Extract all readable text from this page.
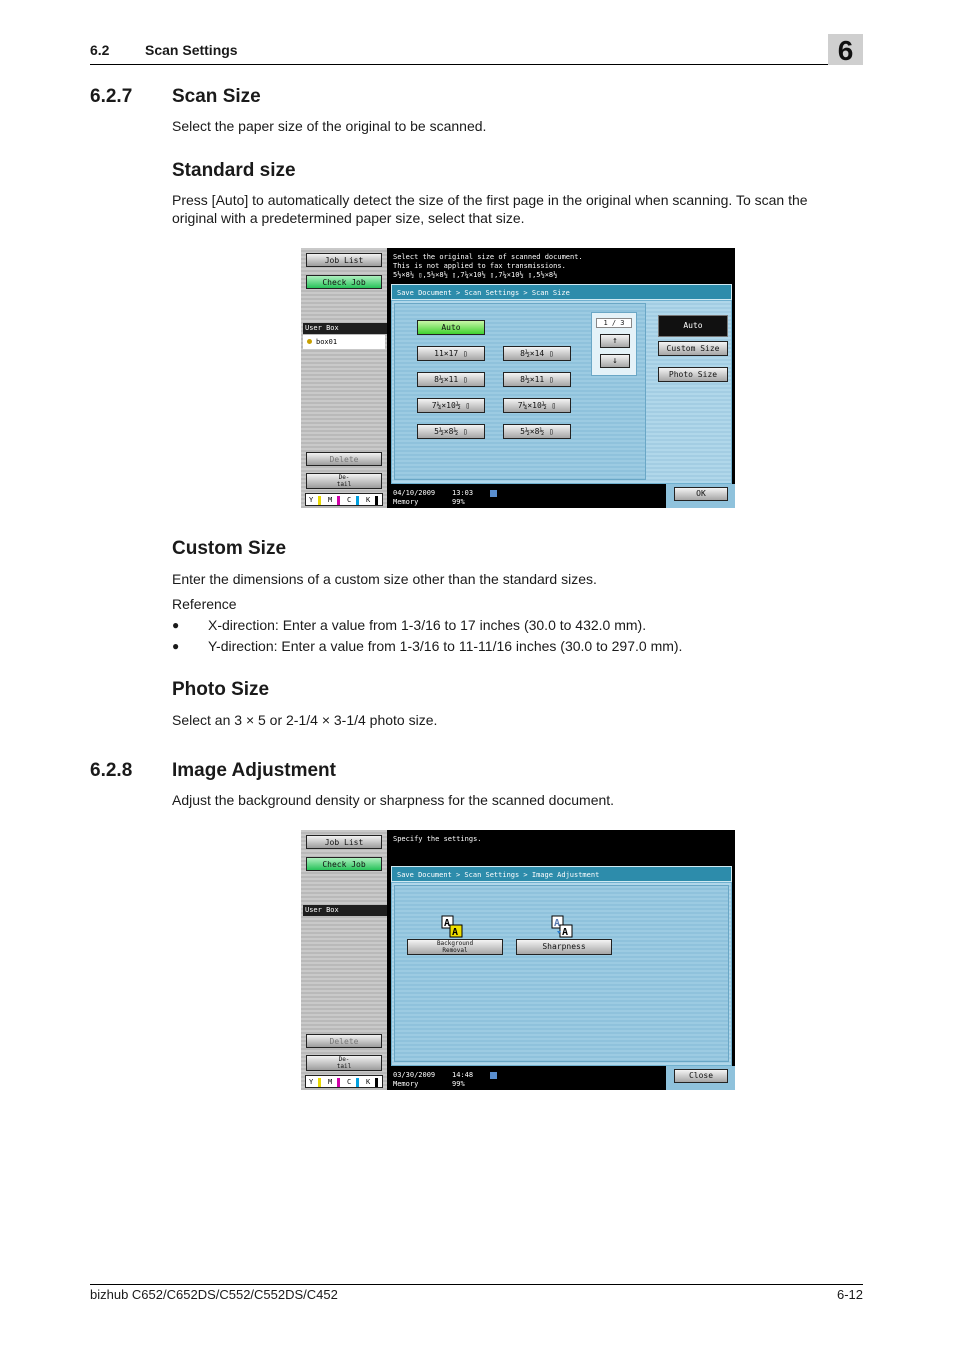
6.2	Scan Settings	6
6.2.7 Scan Size
Select the paper size of the original to be scanned.
Standard size
Press [Auto] to automatically detect the size of the first page in the original when scanning. To scan the
original with a predetermined paper size, select that size.
Job List
Check Job
User Box
box01
Delete
De-
tail
Y M C K
Select the original size of scanned document.
This is not applied to fax transmissions.
5½×8½ ▯,5½×8½ ▯,7¼×10½ ▯,7¼×10½ ▯,5½×8½
Save Document > Scan Settings > Scan Size
Auto
11×17 ▯	8½×14 ▯
8½×11 ▯	8½×11 ▯
7¼×10½ ▯	7¼×10½ ▯
5½×8½ ▯	5½×8½ ▯
1 / 3
↑
↓
Auto
Custom Size
Photo Size
04/10/2009 13:03
Memory	99%
OK
Custom Size
Enter the dimensions of a custom size other than the standard sizes.
Reference
● X-direction: Enter a value from 1-3/16 to 17 inches (30.0 to 432.0 mm).
● Y-direction: Enter a value from 1-3/16 to 11-11/16 inches (30.0 to 297.0 mm).
Photo Size
Select an 3 × 5 or 2-1/4 × 3-1/4 photo size.
6.2.8 Image Adjustment
Adjust the background density or sharpness for the scanned document.
Job List
Check Job
User Box
Delete
De-
tail
Y M C K
Specify the settings.
Save Document > Scan Settings > Image Adjustment
A
A
Background
Removal
A
A
Sharpness
03/30/2009 14:48
Memory	99%
Close
bizhub C652/C652DS/C552/C552DS/C452	6-12
